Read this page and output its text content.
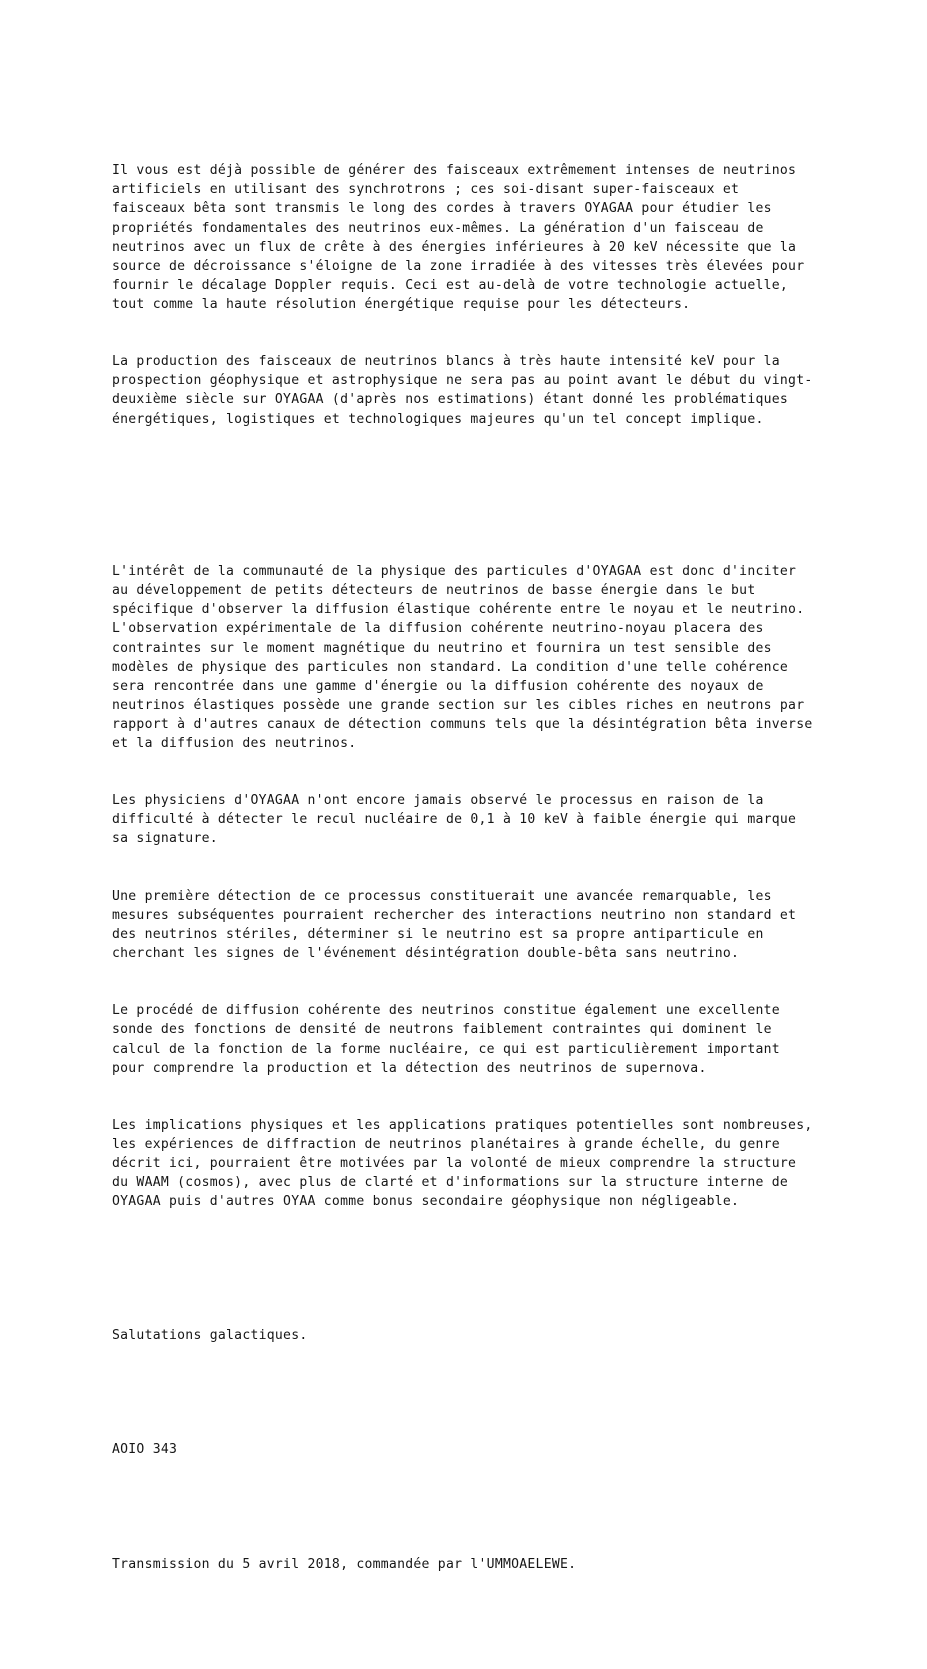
Il vous est déjà possible de générer des faisceaux extrêmement intenses de neutrinos artificiels en utilisant des synchrotrons ; ces soi-disant super-faisceaux et faisceaux bêta sont transmis le long des cordes à travers OYAGAA pour étudier les propriétés fondamentales des neutrinos eux-mêmes. La génération d'un faisceau de neutrinos avec un flux de crête à des énergies inférieures à 20 keV nécessite que la source de décroissance s'éloigne de la zone irradiée à des vitesses très élevées pour fournir le décalage Doppler requis. Ceci est au-delà de votre technologie actuelle, tout comme la haute résolution énergétique requise pour les détecteurs.

La production des faisceaux de neutrinos blancs à très haute intensité keV pour la prospection géophysique et astrophysique ne sera pas au point avant le début du vingt-deuxième siècle sur OYAGAA (d'après nos estimations) étant donné les problématiques énergétiques, logistiques et technologiques majeures qu'un tel concept implique.

L'intérêt de la communauté de la physique des particules d'OYAGAA est donc d'inciter au développement de petits détecteurs de neutrinos de basse énergie dans le but spécifique d'observer la diffusion élastique cohérente entre le noyau et le neutrino. L'observation expérimentale de la diffusion cohérente neutrino-noyau placera des contraintes sur le moment magnétique du neutrino et fournira un test sensible des modèles de physique des particules non standard. La condition d'une telle cohérence sera rencontrée dans une gamme d'énergie ou la diffusion cohérente des noyaux de neutrinos élastiques possède une grande section sur les cibles riches en neutrons par rapport à d'autres canaux de détection communs tels que la désintégration bêta inverse et la diffusion des neutrinos.

Les physiciens d'OYAGAA n'ont encore jamais observé le processus en raison de la difficulté à détecter le recul nucléaire de 0,1 à 10 keV à faible énergie qui marque sa signature.

Une première détection de ce processus constituerait une avancée remarquable, les mesures subséquentes pourraient rechercher des interactions neutrino non standard et des neutrinos stériles, déterminer si le neutrino est sa propre antiparticule en cherchant les signes de l'événement désintégration double-bêta sans neutrino.

Le procédé de diffusion cohérente des neutrinos constitue également une excellente sonde des fonctions de densité de neutrons faiblement contraintes qui dominent le calcul de la fonction de la forme nucléaire, ce qui est particulièrement important pour comprendre la production et la détection des neutrinos de supernova.

Les implications physiques et les applications pratiques potentielles sont nombreuses, les expériences de diffraction de neutrinos planétaires à grande échelle, du genre décrit ici, pourraient être motivées par la volonté de mieux comprendre la structure du WAAM (cosmos), avec plus de clarté et d'informations sur la structure interne de OYAGAA puis d'autres OYAA comme bonus secondaire géophysique non négligeable.

Salutations galactiques.

AOIO 343

Transmission du 5 avril 2018, commandée par l'UMMOAELEWE.
